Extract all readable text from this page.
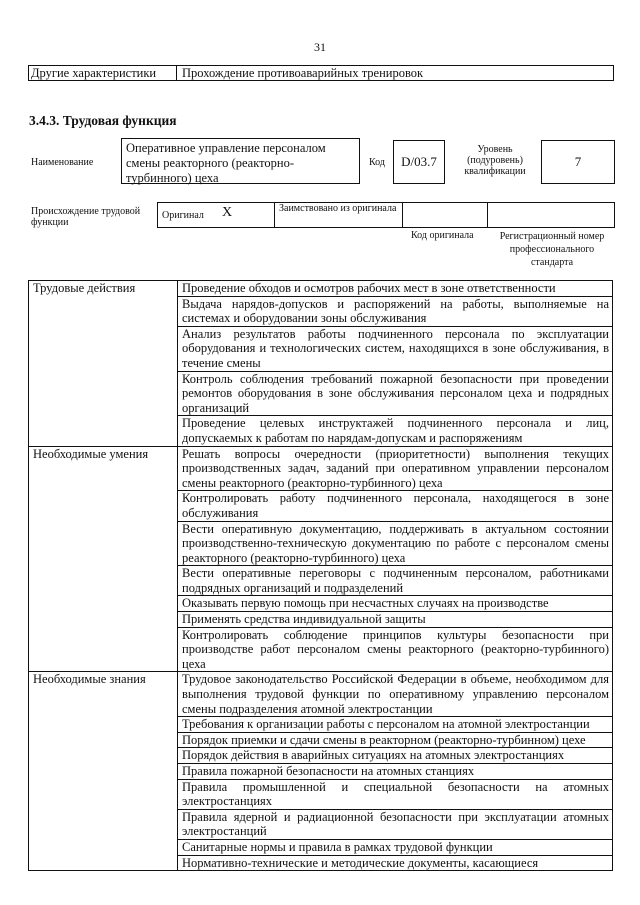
31
Другие характеристики Прохождение противоаварийных тренировок
3.4.3. Трудовая функция
Наименование
Оперативное управление персоналом смены реакторного (реакторно-турбинного) цеха
Код	D/03.7
Уровень (подуровень) квалификации
7
Происхождение трудовой функции
Оригинал X	Заимствовано из оригинала
Код оригинала	Регистрационный номер профессионального стандарта
Трудовые действия	Проведение обходов и осмотров рабочих мест в зоне ответственности
	Выдача нарядов-допусков и распоряжений на работы, выполняемые на системах и оборудовании зоны обслуживания
	Анализ результатов работы подчиненного персонала по эксплуатации оборудования и технологических систем, находящихся в зоне обслуживания, в течение смены
	Контроль соблюдения требований пожарной безопасности при проведении ремонтов оборудования в зоне обслуживания персоналом цеха и подрядных организаций
	Проведение целевых инструктажей подчиненного персонала и лиц, допускаемых к работам по нарядам-допускам и распоряжениям
Необходимые умения	Решать вопросы очередности (приоритетности) выполнения текущих производственных задач, заданий при оперативном управлении персоналом смены реакторного (реакторно-турбинного) цеха
	Контролировать работу подчиненного персонала, находящегося в зоне обслуживания
	Вести оперативную документацию, поддерживать в актуальном состоянии производственно-техническую документацию по работе с персоналом смены реакторного (реакторно-турбинного) цеха
	Вести оперативные переговоры с подчиненным персоналом, работниками подрядных организаций и подразделений
	Оказывать первую помощь при несчастных случаях на производстве
	Применять средства индивидуальной защиты
	Контролировать соблюдение принципов культуры безопасности при производстве работ персоналом смены реакторного (реакторно-турбинного) цеха
Необходимые знания	Трудовое законодательство Российской Федерации в объеме, необходимом для выполнения трудовой функции по оперативному управлению персоналом смены подразделения атомной электростанции
	Требования к организации работы с персоналом на атомной электростанции
	Порядок приемки и сдачи смены в реакторном (реакторно-турбинном) цехе
	Порядок действия в аварийных ситуациях на атомных электростанциях
	Правила пожарной безопасности на атомных станциях
	Правила промышленной и специальной безопасности на атомных электростанциях
	Правила ядерной и радиационной безопасности при эксплуатации атомных электростанций
	Санитарные нормы и правила в рамках трудовой функции
	Нормативно-технические и методические документы, касающиеся
